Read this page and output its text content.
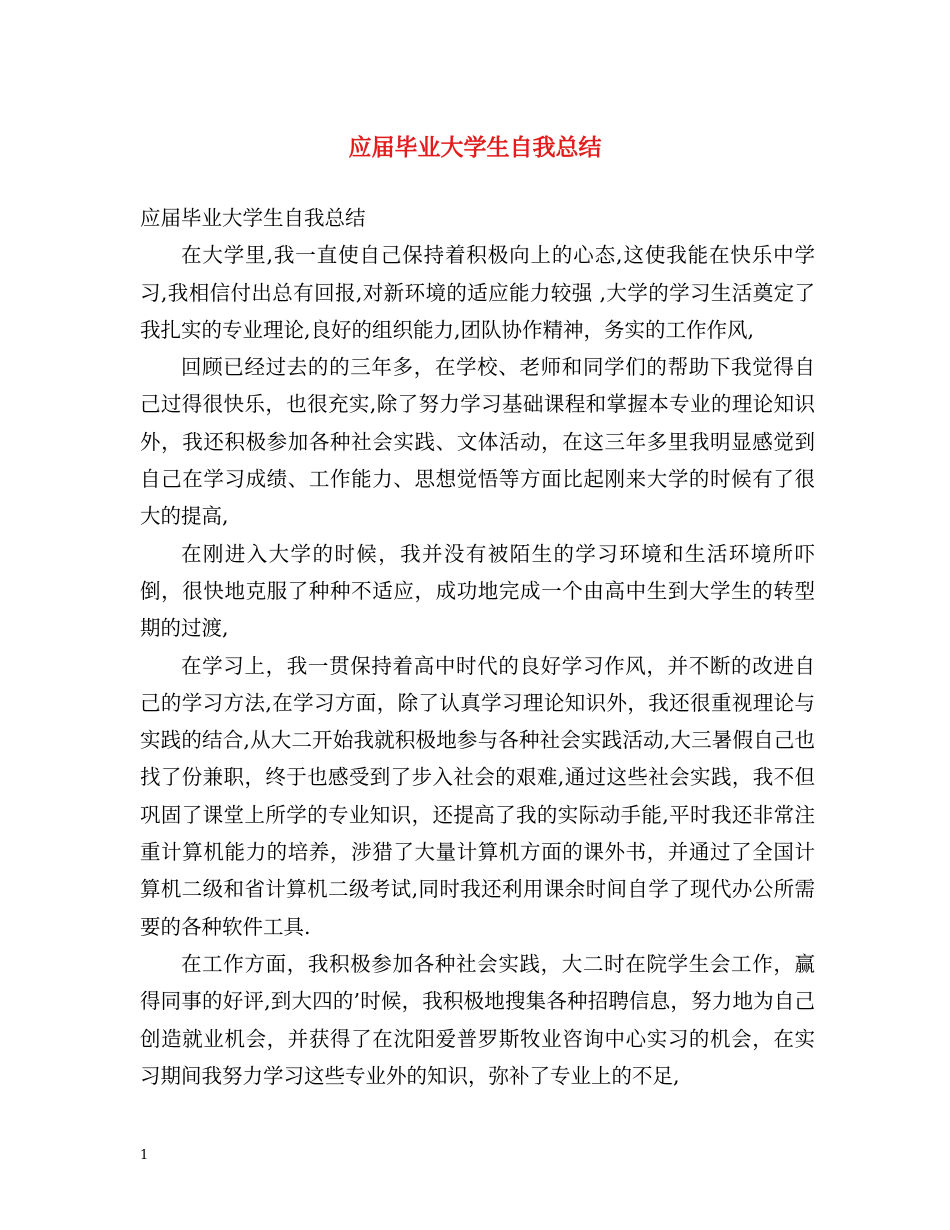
应届毕业大学生自我总结

应届毕业大学生自我总结

在大学里,我一直使自己保持着积极向上的心态,这使我能在快乐中学习,我相信付出总有回报,对新环境的适应能力较强 ,大学的学习生活奠定了我扎实的专业理论,良好的组织能力,团队协作精神，务实的工作作风,

回顾已经过去的的三年多，在学校、老师和同学们的帮助下我觉得自己过得很快乐，也很充实,除了努力学习基础课程和掌握本专业的理论知识外，我还积极参加各种社会实践、文体活动，在这三年多里我明显感觉到自己在学习成绩、工作能力、思想觉悟等方面比起刚来大学的时候有了很大的提高,

在刚进入大学的时候，我并没有被陌生的学习环境和生活环境所吓倒，很快地克服了种种不适应，成功地完成一个由高中生到大学生的转型期的过渡,

在学习上，我一贯保持着高中时代的良好学习作风，并不断的改进自己的学习方法,在学习方面，除了认真学习理论知识外，我还很重视理论与实践的结合,从大二开始我就积极地参与各种社会实践活动,大三暑假自己也找了份兼职，终于也感受到了步入社会的艰难,通过这些社会实践，我不但巩固了课堂上所学的专业知识，还提高了我的实际动手能,平时我还非常注重计算机能力的培养，涉猎了大量计算机方面的课外书，并通过了全国计算机二级和省计算机二级考试,同时我还利用课余时间自学了现代办公所需要的各种软件工具.

在工作方面，我积极参加各种社会实践，大二时在院学生会工作，赢得同事的好评,到大四的’时候，我积极地搜集各种招聘信息，努力地为自己创造就业机会，并获得了在沈阳爱普罗斯牧业咨询中心实习的机会，在实习期间我努力学习这些专业外的知识，弥补了专业上的不足,

1
